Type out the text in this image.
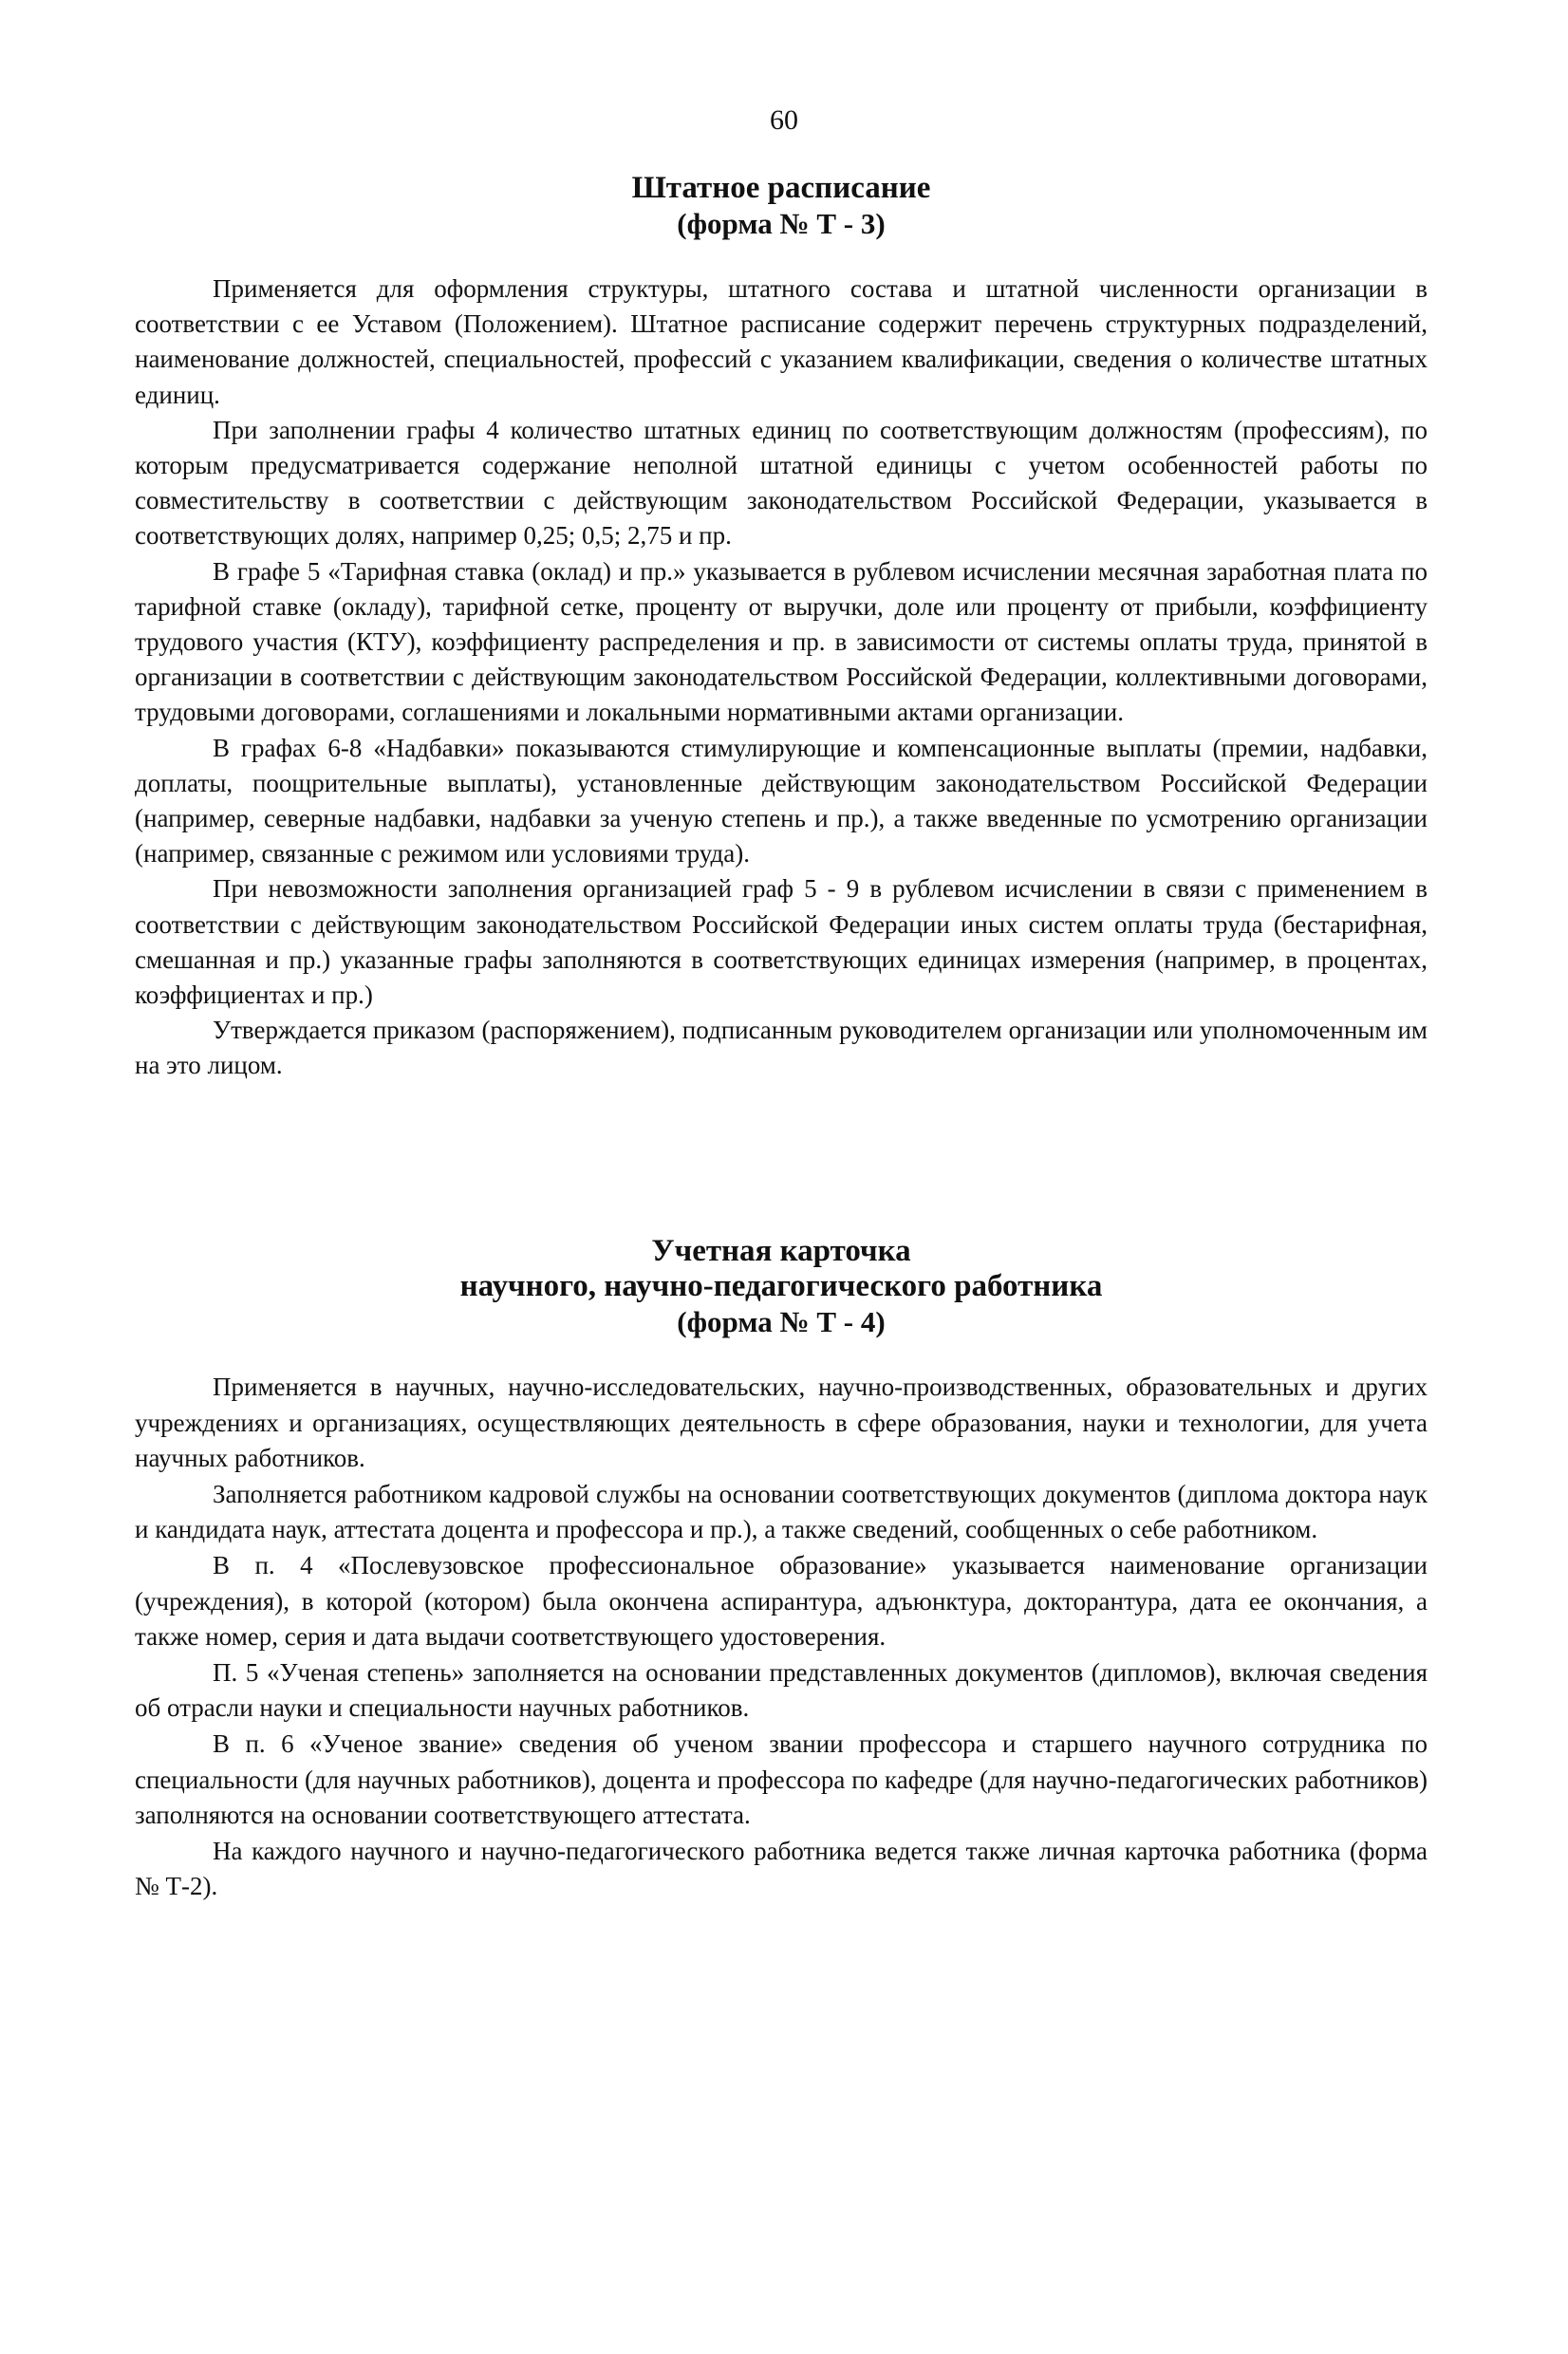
60
Штатное расписание
(форма № Т - 3)

Применяется для оформления структуры, штатного состава и штатной численности организации в соответствии с ее Уставом (Положением). Штатное расписание содержит перечень структурных подразделений, наименование должностей, специальностей, профессий с указанием квалификации, сведения о количестве штатных единиц.

При заполнении графы 4 количество штатных единиц по соответствующим должностям (профессиям), по которым предусматривается содержание неполной штатной единицы с учетом особенностей работы по совместительству в соответствии с действующим законодательством Российской Федерации, указывается в соответствующих долях, например 0,25; 0,5; 2,75 и пр.

В графе 5 «Тарифная ставка (оклад) и пр.» указывается в рублевом исчислении месячная заработная плата по тарифной ставке (окладу), тарифной сетке, проценту от выручки, доле или проценту от прибыли, коэффициенту трудового участия (КТУ), коэффициенту распределения и пр. в зависимости от системы оплаты труда, принятой в организации в соответствии с действующим законодательством Российской Федерации, коллективными договорами, трудовыми договорами, соглашениями и локальными нормативными актами организации.

В графах 6-8 «Надбавки» показываются стимулирующие и компенсационные выплаты (премии, надбавки, доплаты, поощрительные выплаты), установленные действующим законодательством Российской Федерации (например, северные надбавки, надбавки за ученую степень и пр.), а также введенные по усмотрению организации (например, связанные с режимом или условиями труда).

При невозможности заполнения организацией граф 5 - 9 в рублевом исчислении в связи с применением в соответствии с действующим законодательством Российской Федерации иных систем оплаты труда (бестарифная, смешанная и пр.) указанные графы заполняются в соответствующих единицах измерения (например, в процентах, коэффициентах и пр.)

Утверждается приказом (распоряжением), подписанным руководителем организации или уполномоченным им на это лицом.

Учетная карточка
научного, научно-педагогического работника
(форма № Т - 4)

Применяется в научных, научно-исследовательских, научно-производственных, образовательных и других учреждениях и организациях, осуществляющих деятельность в сфере образования, науки и технологии, для учета научных работников.

Заполняется работником кадровой службы на основании соответствующих документов (диплома доктора наук и кандидата наук, аттестата доцента и профессора и пр.), а также сведений, сообщенных о себе работником.

В п. 4 «Послевузовское профессиональное образование» указывается наименование организации (учреждения), в которой (котором) была окончена аспирантура, адъюнктура, докторантура, дата ее окончания, а также номер, серия и дата выдачи соответствующего удостоверения.

П. 5 «Ученая степень» заполняется на основании представленных документов (дипломов), включая сведения об отрасли науки и специальности научных работников.

В п. 6 «Ученое звание» сведения об ученом звании профессора и старшего научного сотрудника по специальности (для научных работников), доцента и профессора по кафедре (для научно-педагогических работников) заполняются на основании соответствующего аттестата.

На каждого научного и научно-педагогического работника ведется также личная карточка работника (форма № Т-2).
